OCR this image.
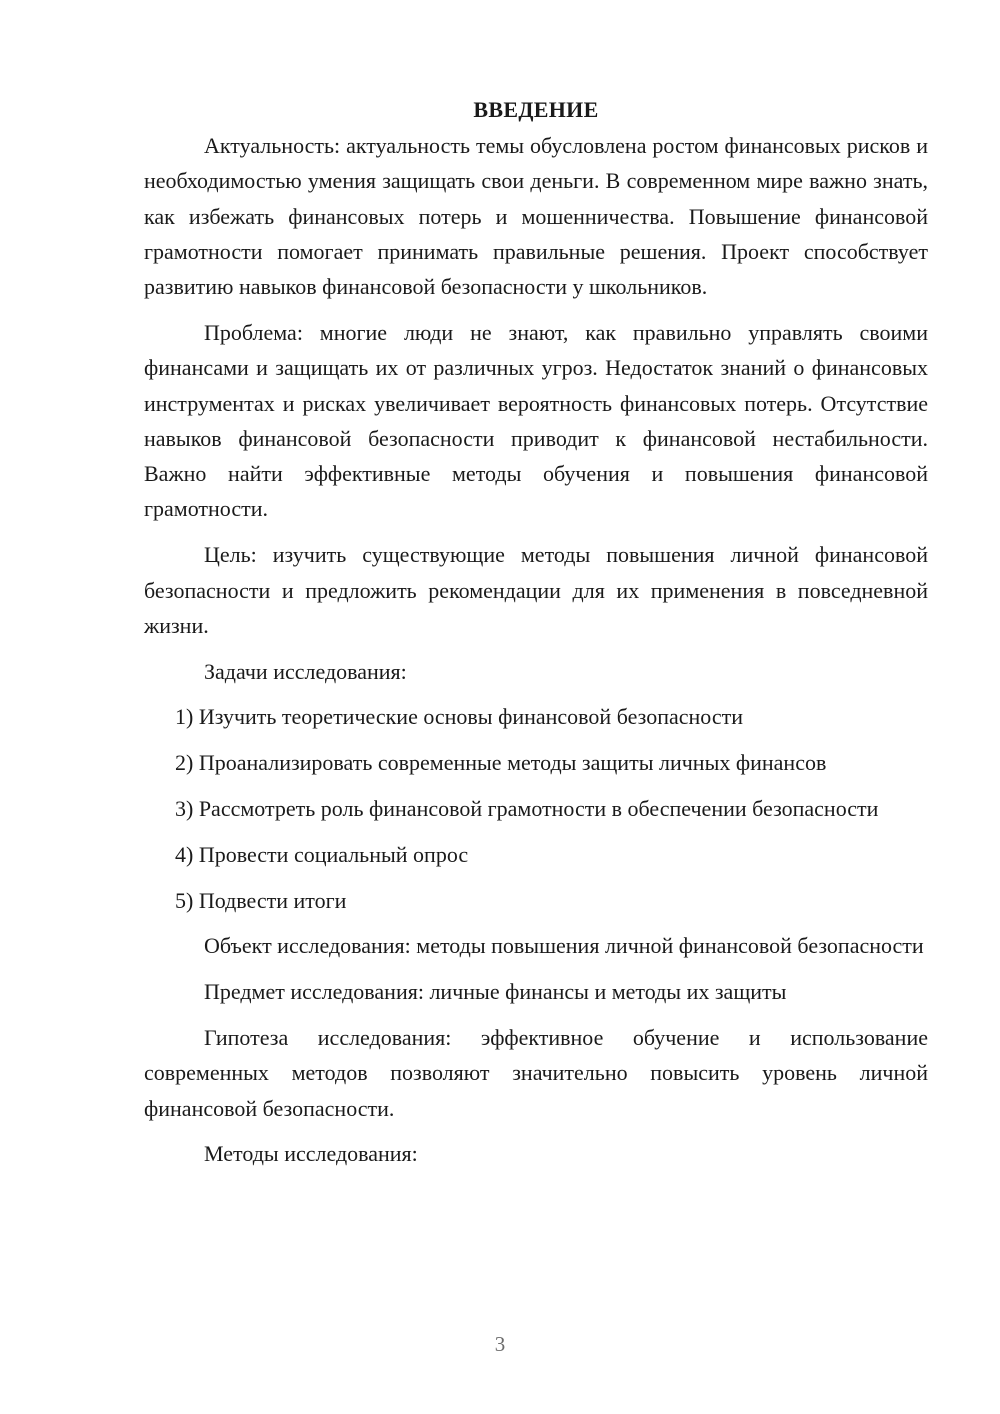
ВВЕДЕНИЕ

Актуальность: актуальность темы обусловлена ростом финансовых рисков и необходимостью умения защищать свои деньги. В современном мире важно знать, как избежать финансовых потерь и мошенничества. Повышение финансовой грамотности помогает принимать правильные решения. Проект способствует развитию навыков финансовой безопасности у школьников.

Проблема: многие люди не знают, как правильно управлять своими финансами и защищать их от различных угроз. Недостаток знаний о финансовых инструментах и рисках увеличивает вероятность финансовых потерь. Отсутствие навыков финансовой безопасности приводит к финансовой нестабильности. Важно найти эффективные методы обучения и повышения финансовой грамотности.

Цель: изучить существующие методы повышения личной финансовой безопасности и предложить рекомендации для их применения в повседневной жизни.

Задачи исследования:

1) Изучить теоретические основы финансовой безопасности

2) Проанализировать современные методы защиты личных финансов

3) Рассмотреть роль финансовой грамотности в обеспечении безопасности

4) Провести социальный опрос

5) Подвести итоги

Объект исследования: методы повышения личной финансовой безопасности

Предмет исследования: личные финансы и методы их защиты

Гипотеза исследования: эффективное обучение и использование современных методов позволяют значительно повысить уровень личной финансовой безопасности.

Методы исследования:

3
